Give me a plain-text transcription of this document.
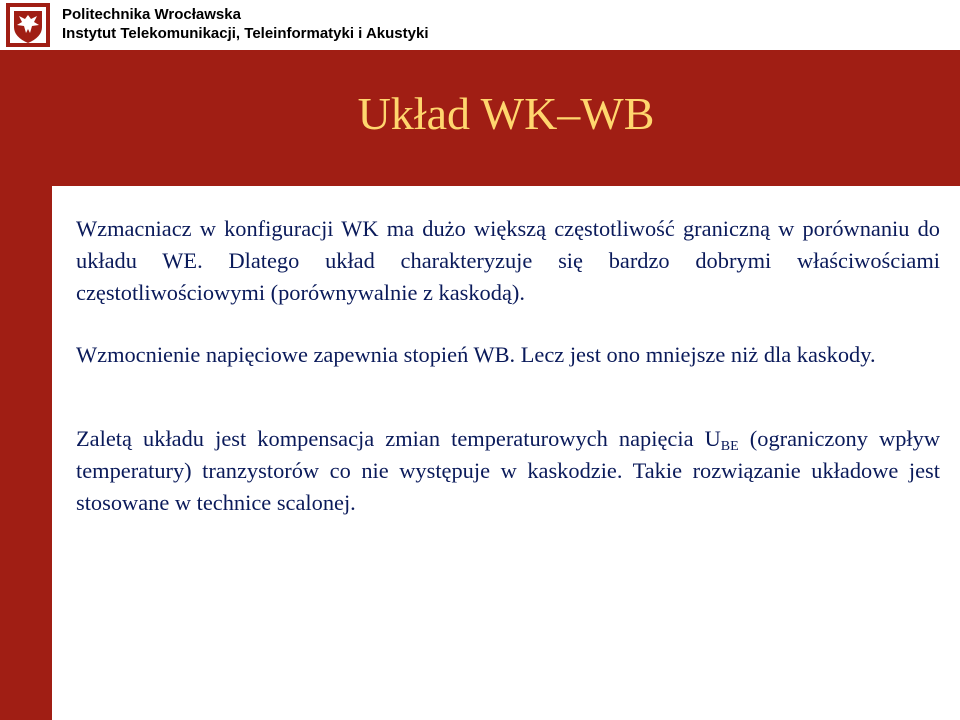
Politechnika Wrocławska
Instytut Telekomunikacji, Teleinformatyki i Akustyki
Układ WK–WB

Wzmacniacz w konfiguracji WK ma dużo większą częstotliwość graniczną w porównaniu do układu WE. Dlatego układ charakteryzuje się bardzo dobrymi właściwościami częstotliwościowymi (porównywalnie z kaskodą).

Wzmocnienie napięciowe zapewnia stopień WB. Lecz jest ono mniejsze niż dla kaskody.

Zaletą układu jest kompensacja zmian temperaturowych napięcia $U_{BE}$ (ograniczony wpływ temperatury) tranzystorów co nie występuje w kaskodzie. Takie rozwiązanie układowe jest stosowane w technice scalonej.
